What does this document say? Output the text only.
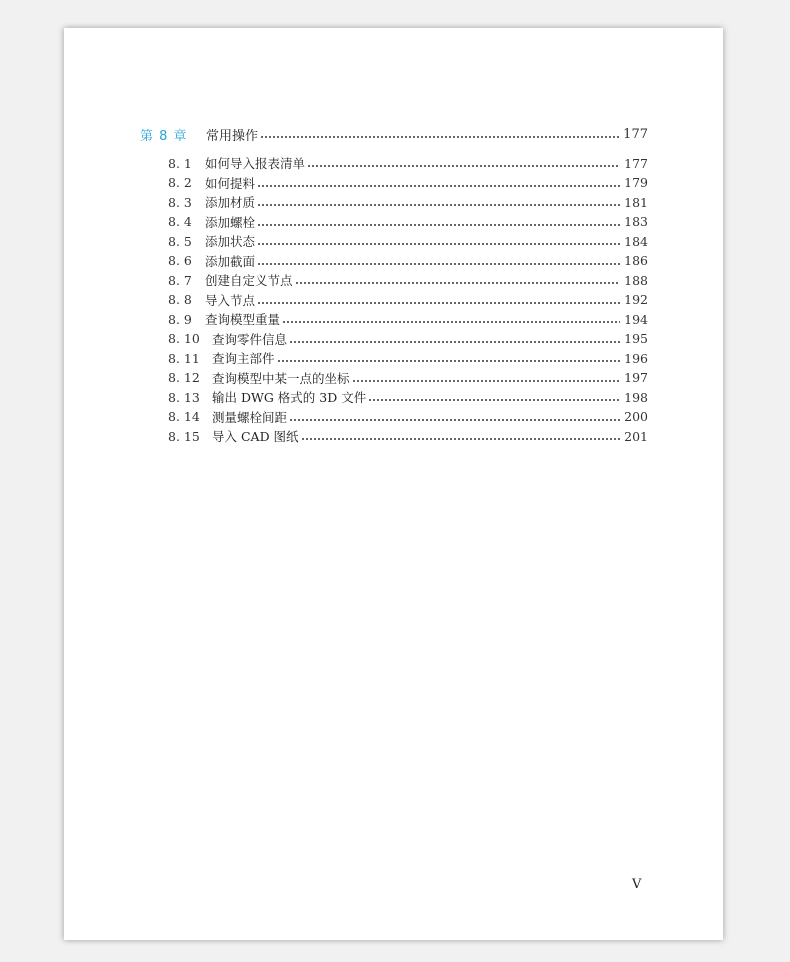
第 8 章	常用操作	177
8. 1	如何导入报表清单	177
8. 2	如何提料	179
8. 3	添加材质	181
8. 4	添加螺栓	183
8. 5	添加状态	184
8. 6	添加截面	186
8. 7	创建自定义节点	188
8. 8	导入节点	192
8. 9	查询模型重量	194
8. 10 查询零件信息	195
8. 11 查询主部件	196
8. 12 查询模型中某一点的坐标	197
8. 13 输出 DWG 格式的 3D 文件	198
8. 14 测量螺栓间距	200
8. 15 导入 CAD 图纸	201
V
